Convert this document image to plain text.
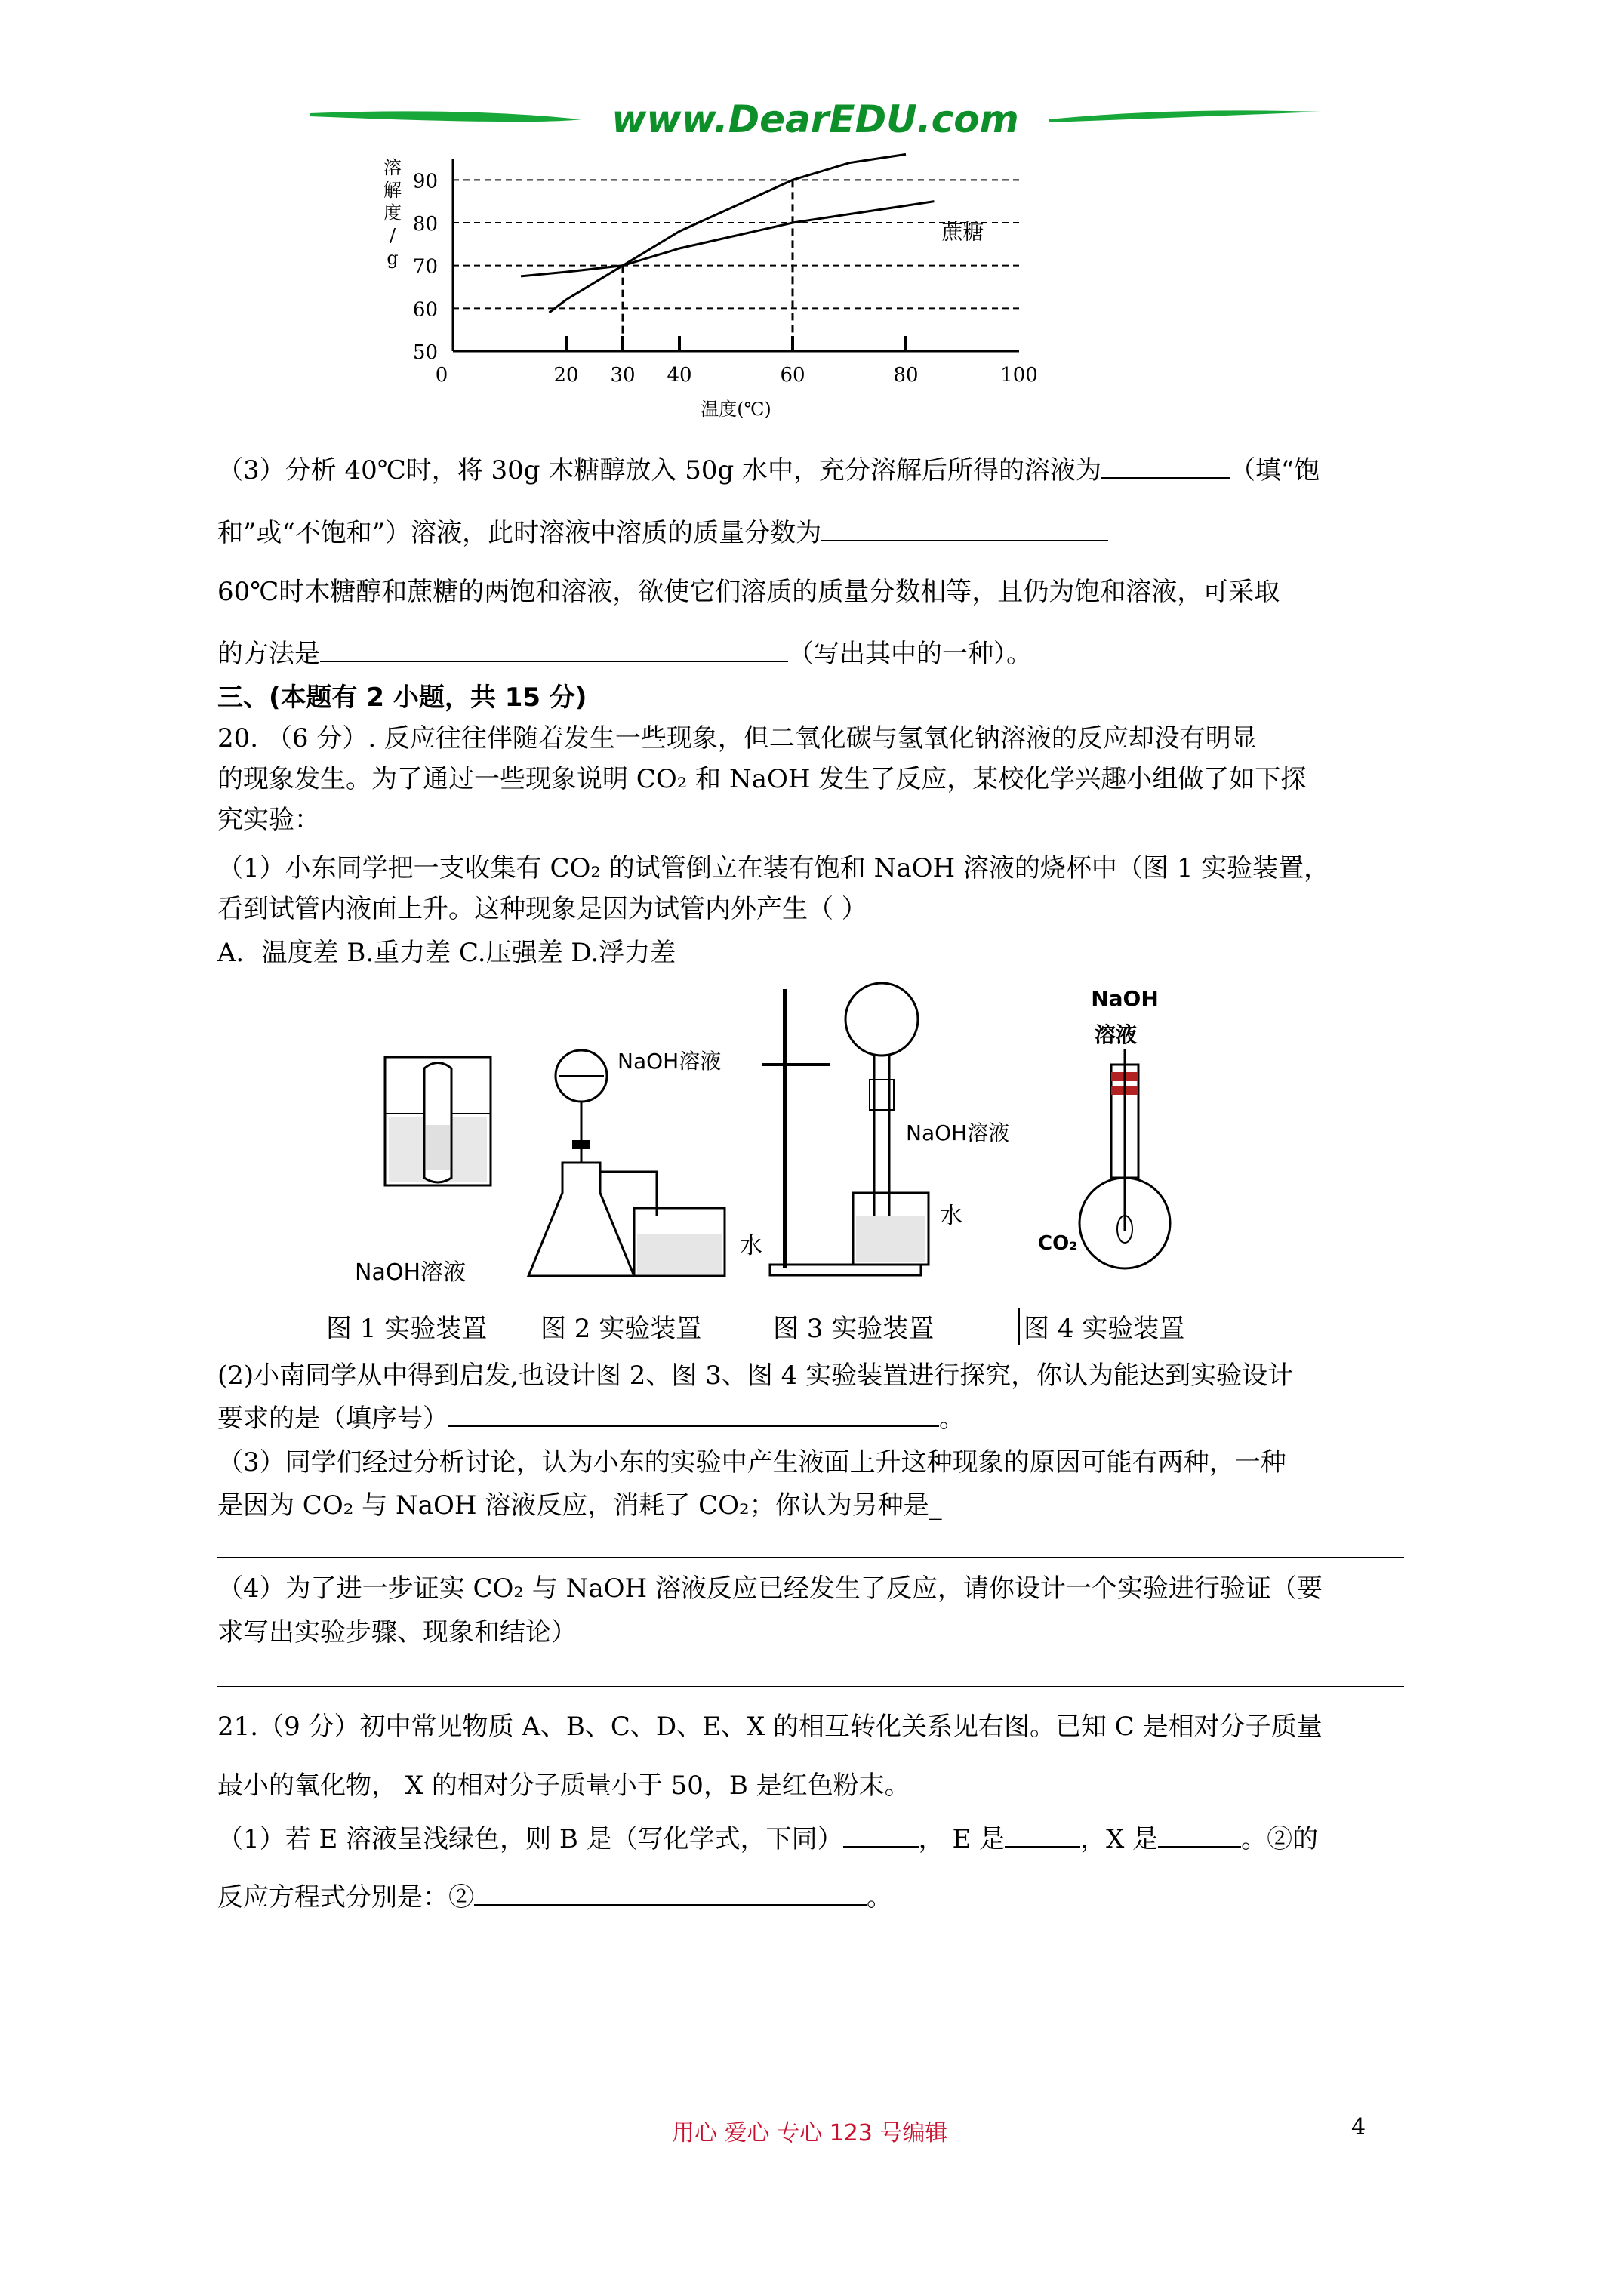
www.DearEDU.com
50
60
70
80
90
0	20 30 40	60	80	100
蔗糖
溶
解
度
/
g
温度(℃)
（3）分析 40℃时，将 30g 木糖醇放入 50g 水中，充分溶解后所得的溶液为	（填“饱
和”或“不饱和”）溶液，此时溶液中溶质的质量分数为
60℃时木糖醇和蔗糖的两饱和溶液，欲使它们溶质的质量分数相等，且仍为饱和溶液，可采取
的方法是	（写出其中的一种）。
三、(本题有 2 小题，共 15 分)
20. （6 分）. 反应往往伴随着发生一些现象，但二氧化碳与氢氧化钠溶液的反应却没有明显
的现象发生。为了通过一些现象说明 CO₂ 和 NaOH 发生了反应，某校化学兴趣小组做了如下探
究实验：
（1）小东同学把一支收集有 CO₂ 的试管倒立在装有饱和 NaOH 溶液的烧杯中（图 1 实验装置，
看到试管内液面上升。这种现象是因为试管内外产生（ ）
A．温度差 B.重力差 C.压强差 D.浮力差
NaOH溶液
NaOH溶液
水
NaOH溶液
水
NaOH
溶液
CO₂
图 1 实验装置 图 2 实验装置	图 3 实验装置	图 4 实验装置
(2)小南同学从中得到启发,也设计图 2、图 3、图 4 实验装置进行探究，你认为能达到实验设计
要求的是（填序号）	。
（3）同学们经过分析讨论，认为小东的实验中产生液面上升这种现象的原因可能有两种，一种
是因为 CO₂ 与 NaOH 溶液反应，消耗了 CO₂；你认为另种是_
（4）为了进一步证实 CO₂ 与 NaOH 溶液反应已经发生了反应，请你设计一个实验进行验证（要
求写出实验步骤、现象和结论）
21.（9 分）初中常见物质 A、B、C、D、E、X 的相互转化关系见右图。已知 C 是相对分子质量
最小的氧化物， X 的相对分子质量小于 50，B 是红色粉末。
（1）若 E 溶液呈浅绿色，则 B 是（写化学式，下同）	， E 是	，X 是	。②的
反应方程式分别是：②	。
用心 爱心 专心 123 号编辑	4
